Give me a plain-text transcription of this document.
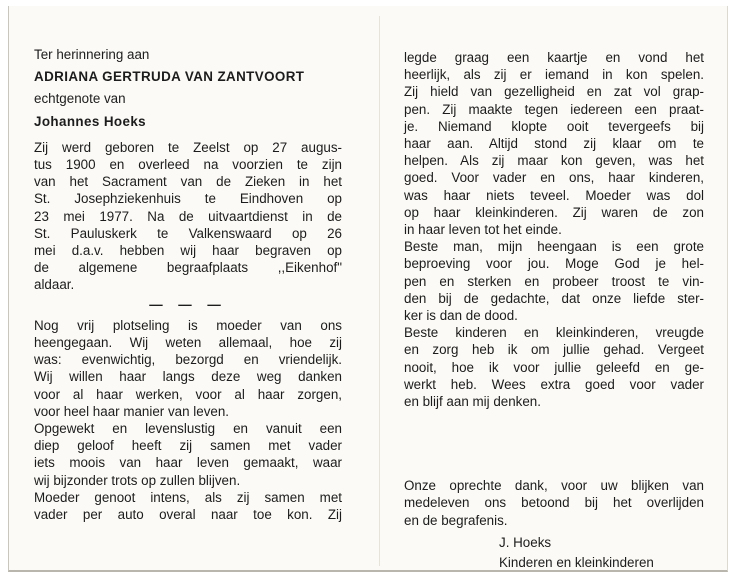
Ter herinnering aan
ADRIANA GERTRUDA VAN ZANTVOORT
echtgenote van
Johannes Hoeks
Zij werd geboren te Zeelst op 27 augus-
tus 1900 en overleed na voorzien te zijn
van het Sacrament van de Zieken in het
St. Josephziekenhuis te Eindhoven op
23 mei 1977. Na de uitvaartdienst in de
St. Pauluskerk te Valkenswaard op 26
mei d.a.v. hebben wij haar begraven op
de algemene begraafplaats ,,Eikenhof"
aldaar.
— — —
Nog vrij plotseling is moeder van ons
heengegaan. Wij weten allemaal, hoe zij
was: evenwichtig, bezorgd en vriendelijk.
Wij willen haar langs deze weg danken
voor al haar werken, voor al haar zorgen,
voor heel haar manier van leven.
Opgewekt en levenslustig en vanuit een
diep geloof heeft zij samen met vader
iets moois van haar leven gemaakt, waar
wij bijzonder trots op zullen blijven.
Moeder genoot intens, als zij samen met
vader per auto overal naar toe kon. Zij
legde graag een kaartje en vond het
heerlijk, als zij er iemand in kon spelen.
Zij hield van gezelligheid en zat vol grap-
pen. Zij maakte tegen iedereen een praat-
je. Niemand klopte ooit tevergeefs bij
haar aan. Altijd stond zij klaar om te
helpen. Als zij maar kon geven, was het
goed. Voor vader en ons, haar kinderen,
was haar niets teveel. Moeder was dol
op haar kleinkinderen. Zij waren de zon
in haar leven tot het einde.
Beste man, mijn heengaan is een grote
beproeving voor jou. Moge God je hel-
pen en sterken en probeer troost te vin-
den bij de gedachte, dat onze liefde ster-
ker is dan de dood.
Beste kinderen en kleinkinderen, vreugde
en zorg heb ik om jullie gehad. Vergeet
nooit, hoe ik voor jullie geleefd en ge-
werkt heb. Wees extra goed voor vader
en blijf aan mij denken.
Onze oprechte dank, voor uw blijken van
medeleven ons betoond bij het overlijden
en de begrafenis.
J. Hoeks
Kinderen en kleinkinderen
